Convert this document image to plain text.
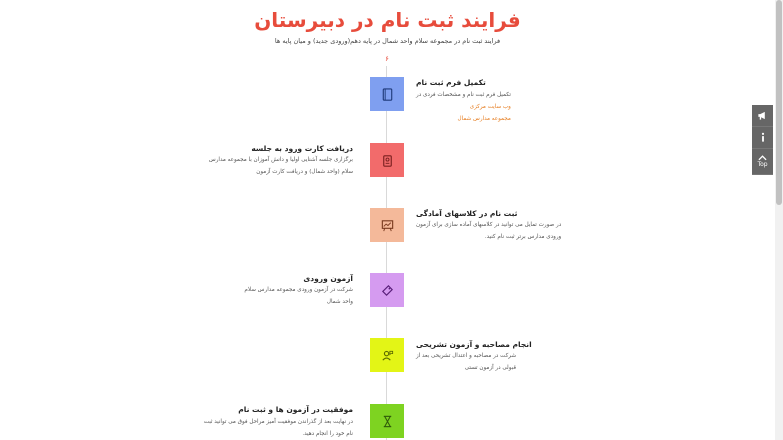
فرایند ثبت نام در دبیرستان
فرایند ثبت نام در مجموعه سلام واحد شمال در پایه دهم(ورودی جدید) و میان پایه ها
۶
تکمیل فرم ثبت نام
تکمیل فرم ثبت نام و مشخصات فردی در
وب سایت مرکزی
مجموعه مدارس شمال
دریافت کارت ورود به جلسه
برگزاری جلسه آشنایی اولیا و دانش آموزان با مجموعه مدارس
سلام (واحد شمال) و دریافت کارت آزمون
ثبت نام در کلاسهای آمادگی
در صورت تمایل می توانید در کلاسهای آماده سازی برای آزمون
ورودی مدارس برتر ثبت نام کنید.
آزمون ورودی
شرکت در آزمون ورودی مجموعه مدارس سلام
واحد شمال
انجام مصاحبه و آزمون تشریحی
شرکت در مصاحبه و اعتدال تشریحی بعد از
قبولی در آزمون تستی
موفقیت در آزمون ها و ثبت نام
در نهایت بعد از گذراندن موفقیت آمیز مراحل فوق می توانید ثبت
نام خود را انجام دهید.
Top
